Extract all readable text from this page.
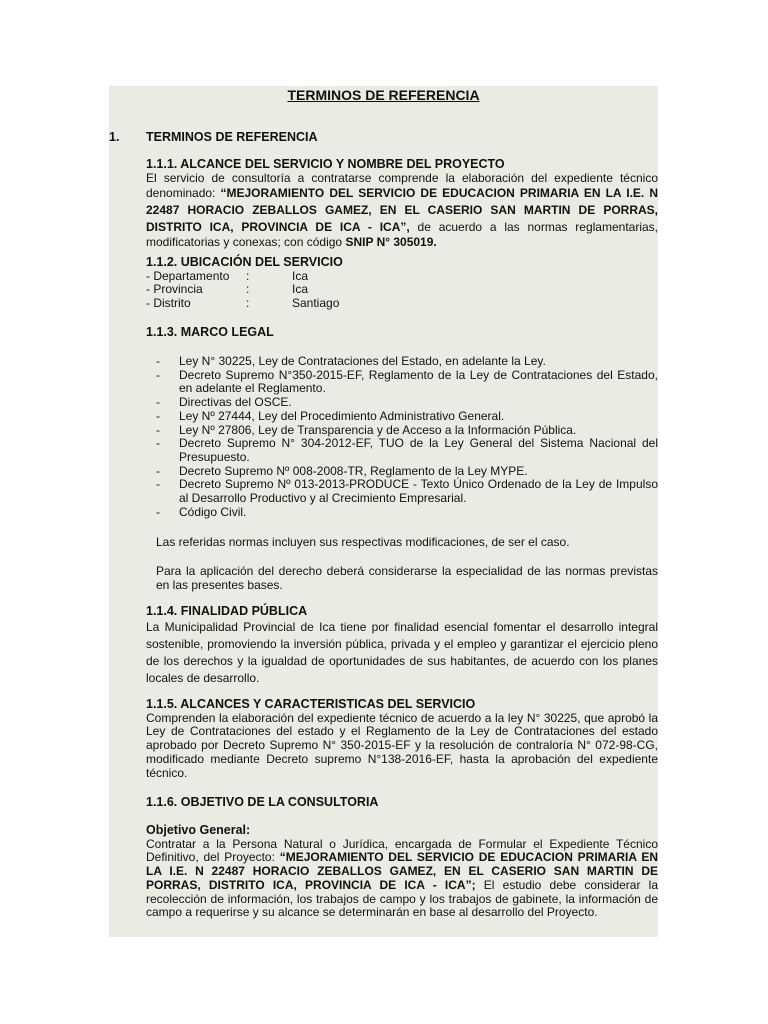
TERMINOS DE REFERENCIA
1. TERMINOS DE REFERENCIA
1.1.1. ALCANCE DEL SERVICIO Y NOMBRE DEL PROYECTO
El servicio de consultoría a contratarse comprende la elaboración del expediente técnico denominado: “MEJORAMIENTO DEL SERVICIO DE EDUCACION PRIMARIA EN LA I.E. N 22487 HORACIO ZEBALLOS GAMEZ, EN EL CASERIO SAN MARTIN DE PORRAS, DISTRITO ICA, PROVINCIA DE ICA - ICA”, de acuerdo a las normas reglamentarias, modificatorias y conexas; con código SNIP N° 305019.
1.1.2. UBICACIÓN DEL SERVICIO
- Departamento	:	Ica
- Provincia	:	Ica
- Distrito	:	Santiago
1.1.3. MARCO LEGAL
-	Ley N° 30225, Ley de Contrataciones del Estado, en adelante la Ley.
-	Decreto Supremo N°350-2015-EF, Reglamento de la Ley de Contrataciones del Estado, en adelante el Reglamento.
-	Directivas del OSCE.
-	Ley Nº 27444, Ley del Procedimiento Administrativo General.
-	Ley Nº 27806, Ley de Transparencia y de Acceso a la Información Pública.
-	Decreto Supremo N° 304-2012-EF, TUO de la Ley General del Sistema Nacional del Presupuesto.
-	Decreto Supremo Nº 008-2008-TR, Reglamento de la Ley MYPE.
-	Decreto Supremo Nº 013-2013-PRODUCE - Texto Único Ordenado de la Ley de Impulso al Desarrollo Productivo y al Crecimiento Empresarial.
-	Código Civil.
Las referidas normas incluyen sus respectivas modificaciones, de ser el caso.
Para la aplicación del derecho deberá considerarse la especialidad de las normas previstas en las presentes bases.
1.1.4. FINALIDAD PÚBLICA
La Municipalidad Provincial de Ica tiene por finalidad esencial fomentar el desarrollo integral sostenible, promoviendo la inversión pública, privada y el empleo y garantizar el ejercicio pleno de los derechos y la igualdad de oportunidades de sus habitantes, de acuerdo con los planes locales de desarrollo.
1.1.5. ALCANCES Y CARACTERISTICAS DEL SERVICIO
Comprenden la elaboración del expediente técnico de acuerdo a la ley N° 30225, que aprobó la Ley de Contrataciones del estado y el Reglamento de la Ley de Contrataciones del estado aprobado por Decreto Supremo N° 350-2015-EF y la resolución de contraloría N° 072-98-CG, modificado mediante Decreto supremo N°138-2016-EF, hasta la aprobación del expediente técnico.
1.1.6. OBJETIVO DE LA CONSULTORIA
Objetivo General:
Contratar a la Persona Natural o Jurídica, encargada de Formular el Expediente Técnico Definitivo, del Proyecto: “MEJORAMIENTO DEL SERVICIO DE EDUCACION PRIMARIA EN LA I.E. N 22487 HORACIO ZEBALLOS GAMEZ, EN EL CASERIO SAN MARTIN DE PORRAS, DISTRITO ICA, PROVINCIA DE ICA - ICA”; El estudio debe considerar la recolección de información, los trabajos de campo y los trabajos de gabinete, la información de campo a requerirse y su alcance se determinarán en base al desarrollo del Proyecto.
